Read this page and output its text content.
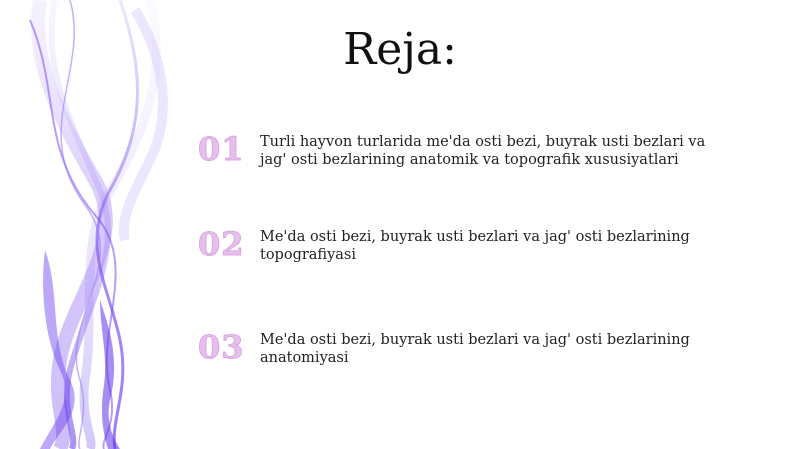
Reja:
01	Turli hayvon turlarida me'da osti bezi, buyrak usti bezlari va jag' osti bezlarining anatomik va topografik xususiyatlari
02	Me'da osti bezi, buyrak usti bezlari va jag' osti bezlarining topografiyasi
03	Me'da osti bezi, buyrak usti bezlari va jag' osti bezlarining anatomiyasi
